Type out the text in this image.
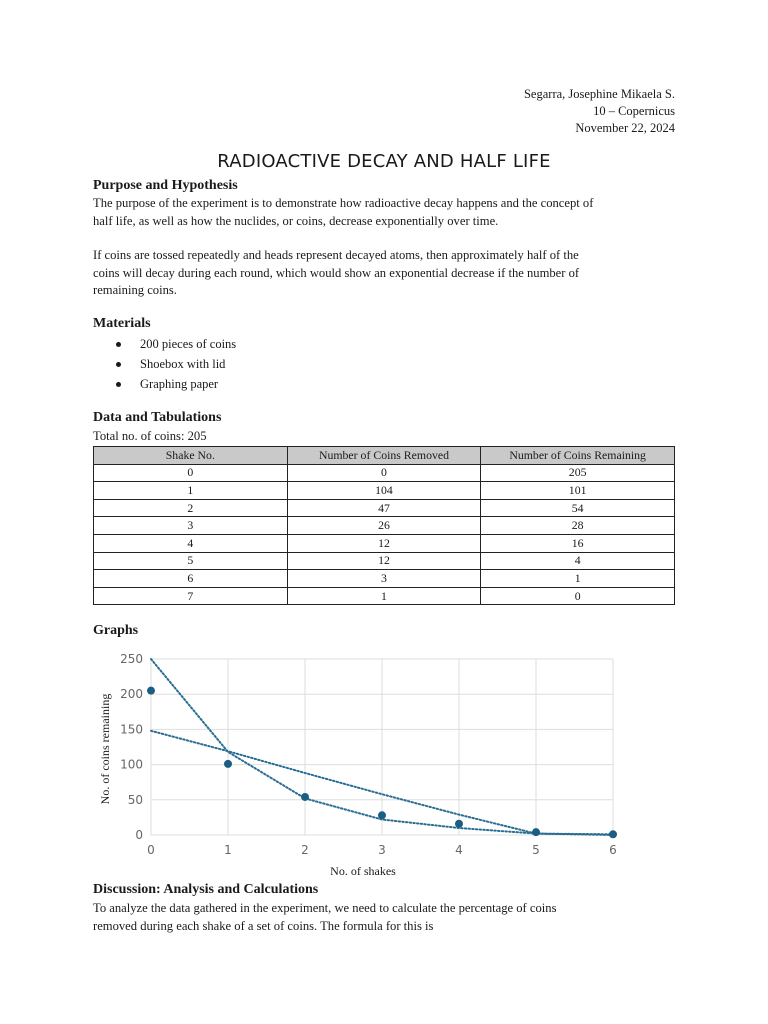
Segarra, Josephine Mikaela S.
10 – Copernicus
November 22, 2024
RADIOACTIVE DECAY AND HALF LIFE
Purpose and Hypothesis
The purpose of the experiment is to demonstrate how radioactive decay happens and the concept of
half life, as well as how the nuclides, or coins, decrease exponentially over time.
If coins are tossed repeatedly and heads represent decayed atoms, then approximately half of the
coins will decay during each round, which would show an exponential decrease if the number of
remaining coins.
Materials
200 pieces of coins
Shoebox with lid
Graphing paper
Data and Tabulations
Total no. of coins: 205
Shake No.	Number of Coins Removed	Number of Coins Remaining
0	0	205
1	104	101
2	47	54
3	26	28
4	12	16
5	12	4
6	3	1
7	1	0
Graphs
0
50
100
150
200
250
0	1	2	3	4	5	6
No. of coins remaining
No. of shakes
Discussion: Analysis and Calculations
To analyze the data gathered in the experiment, we need to calculate the percentage of coins
removed during each shake of a set of coins. The formula for this is
